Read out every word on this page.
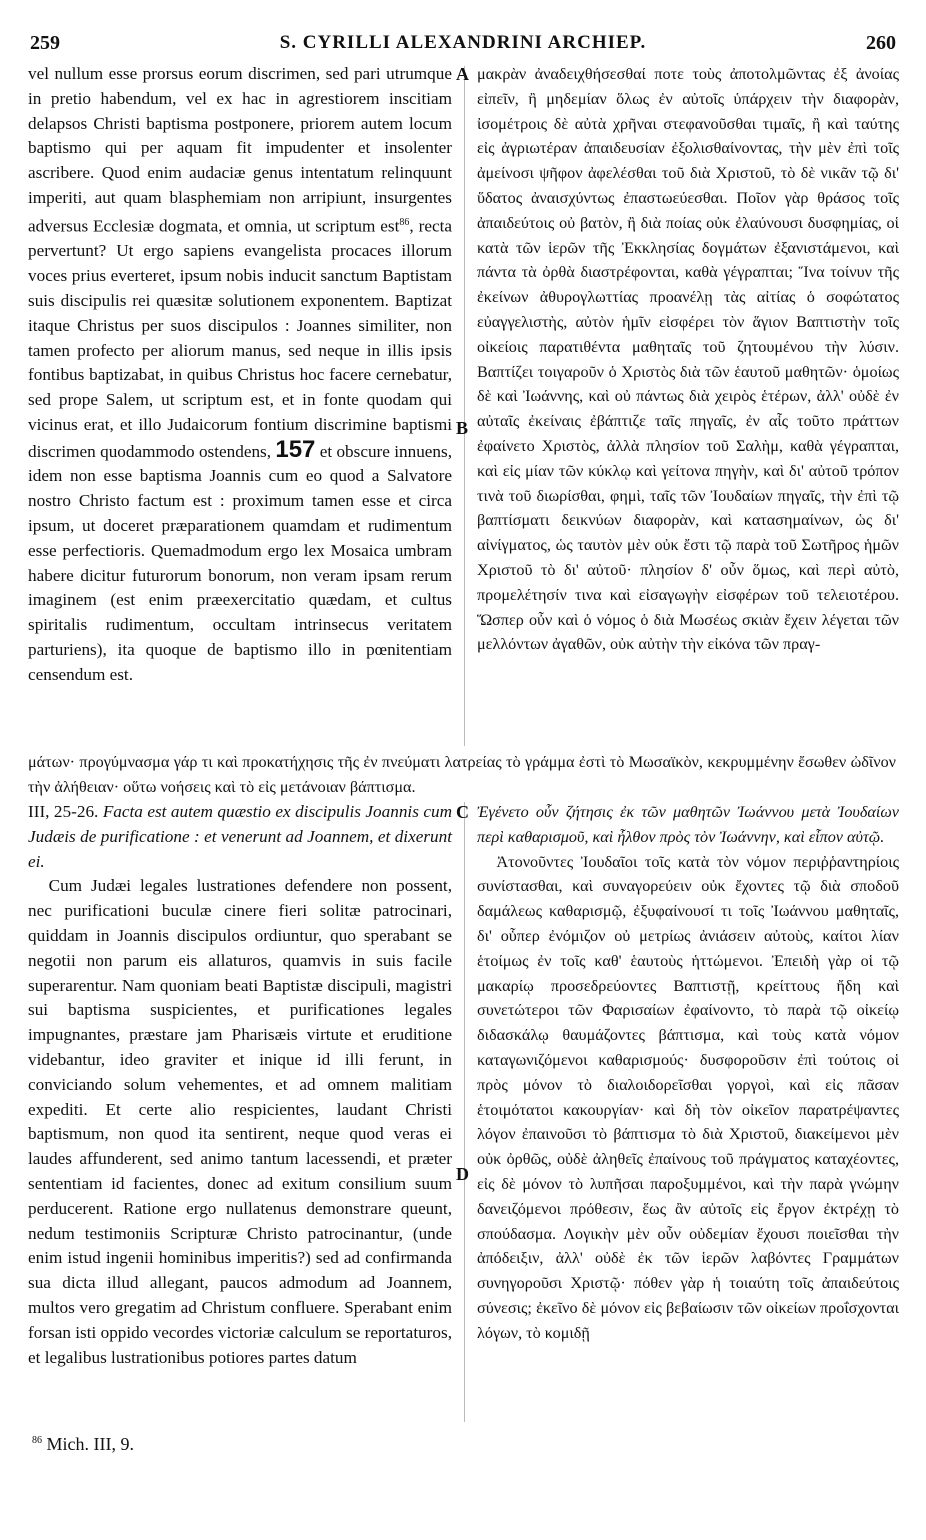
259	S. CYRILLI ALEXANDRINI ARCHIEP.	260
A
B
C
D

vel nullum esse prorsus eorum discrimen, sed pari utrumque in pretio habendum, vel ex hac in agrestiorem inscitiam delapsos Christi baptisma postponere, priorem autem locum baptismo qui per aquam fit impudenter et insolenter ascribere. Quod enim audaciæ genus intentatum relinquunt imperiti, aut quam blasphemiam non arripiunt, insurgentes adversus Ecclesiæ dogmata, et omnia, ut scriptum est$^{86}$, recta pervertunt? Ut ergo sapiens evangelista procaces illorum voces prius everteret, ipsum nobis inducit sanctum Baptistam suis discipulis rei quæsitæ solutionem exponentem. Baptizat itaque Christus per suos discipulos : Joannes similiter, non tamen profecto per aliorum manus, sed neque in illis ipsis fontibus baptizabat, in quibus Christus hoc facere cernebatur, sed prope Salem, ut scriptum est, et in fonte quodam qui vicinus erat, et illo Judaicorum fontium discrimine baptismi discrimen quodammodo ostendens, 157 et obscure innuens, idem non esse baptisma Joannis cum eo quod a Salvatore nostro Christo factum est : proximum tamen esse et circa ipsum, ut doceret præparationem quamdam et rudimentum esse perfectioris. Quemadmodum ergo lex Mosaica umbram habere dicitur futurorum bonorum, non veram ipsam rerum imaginem (est enim præexercitatio quædam, et cultus spiritalis rudimentum, occultam intrinsecus veritatem parturiens), ita quoque de baptismo illo in pœnitentiam censendum est.

μακρὰν ἀναδειχθήσεσθαί ποτε τοὺς ἀποτολμῶντας ἐξ ἀνοίας εἰπεῖν, ἢ μηδεμίαν ὅλως ἐν αὐτοῖς ὑπάρχειν τὴν διαφορὰν, ἰσομέτροις δὲ αὐτὰ χρῆναι στεφανοῦσθαι τιμαῖς, ἢ καὶ ταύτης εἰς ἀγριωτέραν ἀπαιδευσίαν ἐξολισθαίνοντας, τὴν μὲν ἐπὶ τοῖς ἀμείνοσι ψῆφον ἀφελέσθαι τοῦ διὰ Χριστοῦ, τὸ δὲ νικᾶν τῷ δι' ὕδατος ἀναισχύντως ἐπαστωεύεσθαι. Ποῖον γὰρ θράσος τοῖς ἀπαιδεύτοις οὐ βατὸν, ἢ διὰ ποίας οὐκ ἐλαύνουσι δυσφημίας, οἱ κατὰ τῶν ἱερῶν τῆς Ἐκκλησίας δογμάτων ἐξανιστάμενοι, καὶ πάντα τὰ ὀρθὰ διαστρέφονται, καθὰ γέγραπται; Ἵνα τοίνυν τῆς ἐκείνων ἀθυρογλωττίας προανέλῃ τὰς αἰτίας ὁ σοφώτατος εὐαγγελιστὴς, αὐτὸν ἡμῖν εἰσφέρει τὸν ἅγιον Βαπτιστὴν τοῖς οἰκείοις παρατιθέντα μαθηταῖς τοῦ ζητουμένου τὴν λύσιν. Βαπτίζει τοιγαροῦν ὁ Χριστὸς διὰ τῶν ἑαυτοῦ μαθητῶν· ὁμοίως δὲ καὶ Ἰωάννης, καὶ οὐ πάντως διὰ χειρὸς ἑτέρων, ἀλλ' οὐδὲ ἐν αὐταῖς ἐκείναις ἐβάπτιζε ταῖς πηγαῖς, ἐν αἷς τοῦτο πράττων ἐφαίνετο Χριστὸς, ἀλλὰ πλησίον τοῦ Σαλὴμ, καθὰ γέγραπται, καὶ εἰς μίαν τῶν κύκλῳ καὶ γείτονα πηγὴν, καὶ δι' αὐτοῦ τρόπον τινὰ τοῦ διωρίσθαι, φημὶ, ταῖς τῶν Ἰουδαίων πηγαῖς, τὴν ἐπὶ τῷ βαπτίσματι δεικνύων διαφορὰν, καὶ κατασημαίνων, ὡς δι' αἰνίγματος, ὡς ταυτὸν μὲν οὐκ ἔστι τῷ παρὰ τοῦ Σωτῆρος ἡμῶν Χριστοῦ τὸ δι' αὐτοῦ· πλησίον δ' οὖν ὅμως, καὶ περὶ αὐτὸ, προμελέτησίν τινα καὶ εἰσαγωγὴν εἰσφέρων τοῦ τελειοτέρου. Ὥσπερ οὖν καὶ ὁ νόμος ὁ διὰ Μωσέως σκιὰν ἔχειν λέγεται τῶν μελλόντων ἀγαθῶν, οὐκ αὐτὴν τὴν εἰκόνα τῶν πραγ-

μάτων· προγύμνασμα γάρ τι καὶ προκατήχησις τῆς ἐν πνεύματι λατρείας τὸ γράμμα ἐστὶ τὸ Μωσαϊκὸν, κεκρυμμένην ἔσωθεν ὠδῖνον τὴν ἀλήθειαν· οὕτω νοήσεις καὶ τὸ εἰς μετάνοιαν βάπτισμα.

III, 25-26. Facta est autem quæstio ex discipulis Joannis cum Judæis de purificatione : et venerunt ad Joannem, et dixerunt ei.

Cum Judæi legales lustrationes defendere non possent, nec purificationi buculæ cinere fieri solitæ patrocinari, quiddam in Joannis discipulos ordiuntur, quo sperabant se negotii non parum eis allaturos, quamvis in suis facile superarentur. Nam quoniam beati Baptistæ discipuli, magistri sui baptisma suspicientes, et purificationes legales impugnantes, præstare jam Pharisæis virtute et eruditione videbantur, ideo graviter et inique id illi ferunt, in conviciando solum vehementes, et ad omnem malitiam expediti. Et certe alio respicientes, laudant Christi baptismum, non quod ita sentirent, neque quod veras ei laudes affunderent, sed animo tantum lacessendi, et præter sententiam id facientes, donec ad exitum consilium suum perducerent. Ratione ergo nullatenus demonstrare queunt, nedum testimoniis Scripturæ Christo patrocinantur, (unde enim istud ingenii hominibus imperitis?) sed ad confirmanda sua dicta illud allegant, paucos admodum ad Joannem, multos vero gregatim ad Christum confluere. Sperabant enim forsan isti oppido vecordes victoriæ calculum se reportaturos, et legalibus lustrationibus potiores partes datum

Ἐγένετο οὖν ζήτησις ἐκ τῶν μαθητῶν Ἰωάννου μετὰ Ἰουδαίων περὶ καθαρισμοῦ, καὶ ἦλθον πρὸς τὸν Ἰωάννην, καὶ εἶπον αὐτῷ.

Ἀτονοῦντες Ἰουδαῖοι τοῖς κατὰ τὸν νόμον περιῤῥαντηρίοις συνίστασθαι, καὶ συναγορεύειν οὐκ ἔχοντες τῷ διὰ σποδοῦ δαμάλεως καθαρισμῷ, ἐξυφαίνουσί τι τοῖς Ἰωάννου μαθηταῖς, δι' οὗπερ ἐνόμιζον οὐ μετρίως ἀνιάσειν αὐτοὺς, καίτοι λίαν ἑτοίμως ἐν τοῖς καθ' ἑαυτοὺς ἡττώμενοι. Ἐπειδὴ γὰρ οἱ τῷ μακαρίῳ προσεδρεύοντες Βαπτιστῇ, κρείττους ἤδη καὶ συνετώτεροι τῶν Φαρισαίων ἐφαίνοντο, τὸ παρὰ τῷ οἰκείῳ διδασκάλῳ θαυμάζοντες βάπτισμα, καὶ τοὺς κατὰ νόμον καταγωνιζόμενοι καθαρισμούς· δυσφοροῦσιν ἐπὶ τούτοις οἱ πρὸς μόνον τὸ διαλοιδορεῖσθαι γοργοὶ, καὶ εἰς πᾶσαν ἑτοιμότατοι κακουργίαν· καὶ δὴ τὸν οἰκεῖον παρατρέψαντες λόγον ἐπαινοῦσι τὸ βάπτισμα τὸ διὰ Χριστοῦ, διακείμενοι μὲν οὐκ ὀρθῶς, οὐδὲ ἀληθεῖς ἐπαίνους τοῦ πράγματος καταχέοντες, εἰς δὲ μόνον τὸ λυπῆσαι παροξυμμένοι, καὶ τὴν παρὰ γνώμην δανειζόμενοι πρόθεσιν, ἕως ἂν αὐτοῖς εἰς ἔργον ἐκτρέχῃ τὸ σπούδασμα. Λογικὴν μὲν οὖν οὐδεμίαν ἔχουσι ποιεῖσθαι τὴν ἀπόδειξιν, ἀλλ' οὐδὲ ἐκ τῶν ἱερῶν λαβόντες Γραμμάτων συνηγοροῦσι Χριστῷ· πόθεν γὰρ ἡ τοιαύτη τοῖς ἀπαιδεύτοις σύνεσις; ἐκεῖνο δὲ μόνον εἰς βεβαίωσιν τῶν οἰκείων προΐσχονται λόγων, τὸ κομιδῇ

$^{86}$ Mich. III, 9.
